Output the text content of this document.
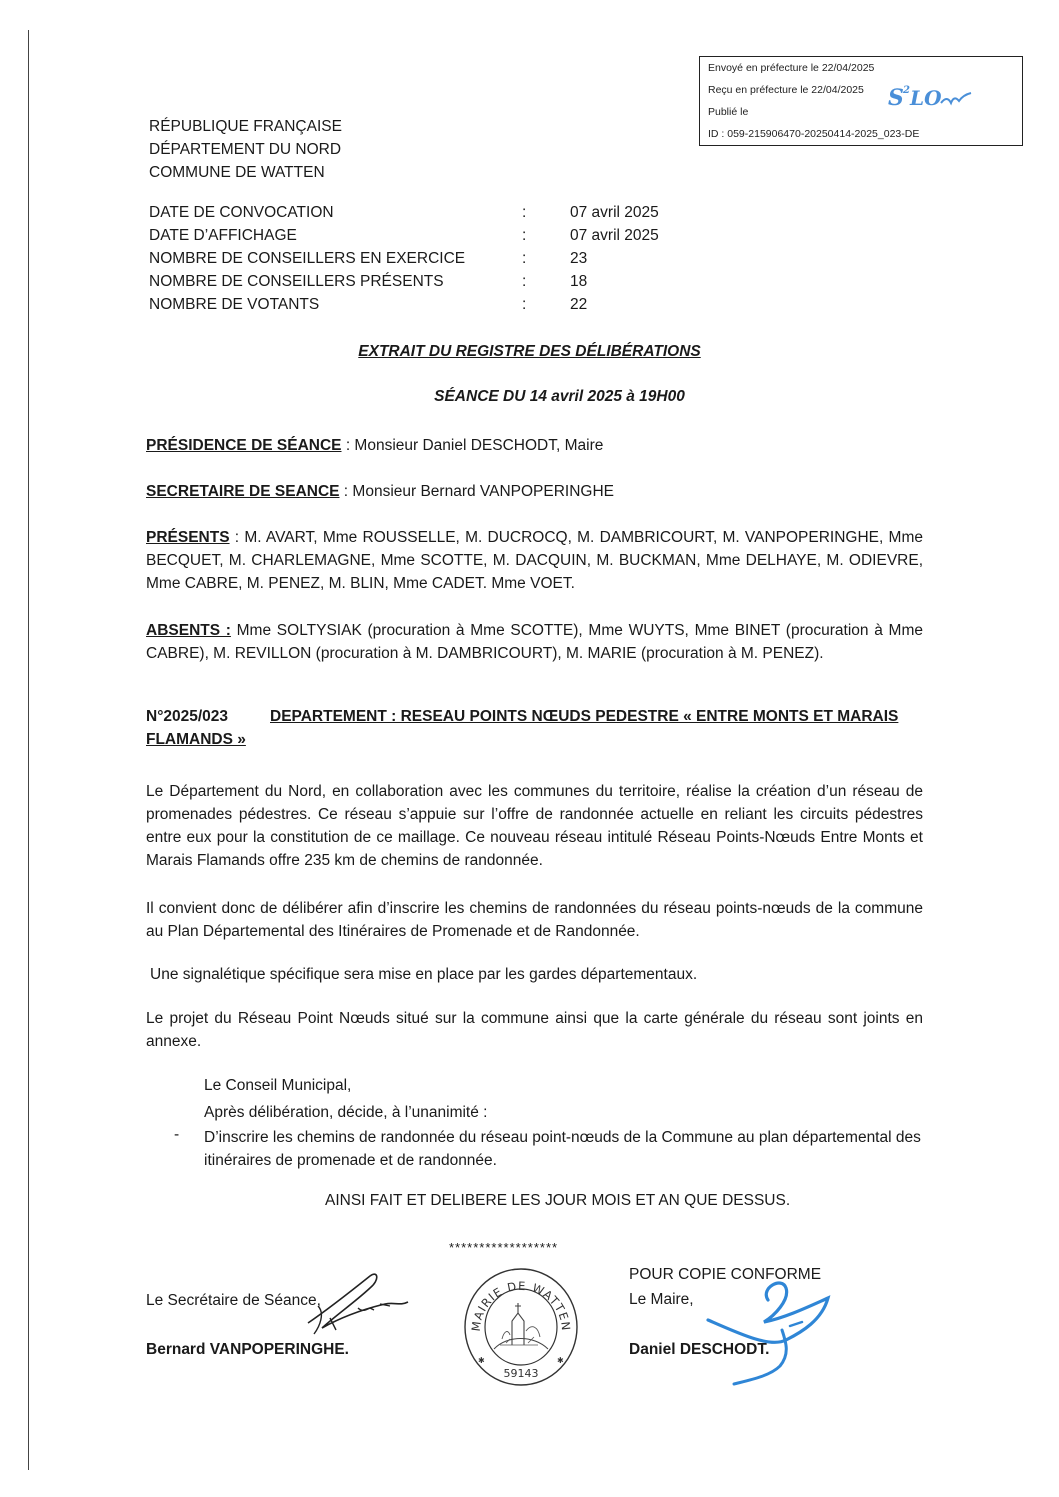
Envoyé en préfecture le 22/04/2025
Reçu en préfecture le 22/04/2025
Publié le
ID : 059-215906470-20250414-2025_023-DE
S 2 LO
RÉPUBLIQUE FRANÇAISE
DÉPARTEMENT DU NORD
COMMUNE DE WATTEN
DATE DE CONVOCATION	:	07 avril 2025
DATE D’AFFICHAGE	:	07 avril 2025
NOMBRE DE CONSEILLERS EN EXERCICE	:	23
NOMBRE DE CONSEILLERS PRÉSENTS	:	18
NOMBRE DE VOTANTS	:	22
EXTRAIT DU REGISTRE DES DÉLIBÉRATIONS
SÉANCE DU 14 avril 2025 à 19H00
PRÉSIDENCE DE SÉANCE : Monsieur Daniel DESCHODT, Maire
SECRETAIRE DE SEANCE : Monsieur Bernard VANPOPERINGHE
PRÉSENTS : M. AVART, Mme ROUSSELLE, M. DUCROCQ, M. DAMBRICOURT, M. VANPOPERINGHE, Mme BECQUET, M. CHARLEMAGNE, Mme SCOTTE, M. DACQUIN, M. BUCKMAN, Mme DELHAYE, M. ODIEVRE, Mme CABRE, M. PENEZ, M. BLIN, Mme CADET. Mme VOET.
ABSENTS : Mme SOLTYSIAK (procuration à Mme SCOTTE), Mme WUYTS, Mme BINET (procuration à Mme CABRE), M. REVILLON (procuration à M. DAMBRICOURT), M. MARIE (procuration à M. PENEZ).
N°2025/023	DEPARTEMENT : RESEAU POINTS NŒUDS PEDESTRE « ENTRE MONTS ET MARAIS FLAMANDS »
Le Département du Nord, en collaboration avec les communes du territoire, réalise la création d’un réseau de promenades pédestres. Ce réseau s’appuie sur l’offre de randonnée actuelle en reliant les circuits pédestres entre eux pour la constitution de ce maillage. Ce nouveau réseau intitulé Réseau Points-Nœuds Entre Monts et Marais Flamands offre 235 km de chemins de randonnée.
Il convient donc de délibérer afin d’inscrire les chemins de randonnées du réseau points-nœuds de la commune au Plan Départemental des Itinéraires de Promenade et de Randonnée.
Une signalétique spécifique sera mise en place par les gardes départementaux.
Le projet du Réseau Point Nœuds situé sur la commune ainsi que la carte générale du réseau sont joints en annexe.
Le Conseil Municipal,
Après délibération, décide, à l’unanimité :
- D’inscrire les chemins de randonnée du réseau point-nœuds de la Commune au plan départemental des itinéraires de promenade et de randonnée.
AINSI FAIT ET DELIBERE LES JOUR MOIS ET AN QUE DESSUS.
******************
Le Secrétaire de Séance,
Bernard VANPOPERINGHE.
POUR COPIE CONFORME
Le Maire,
Daniel DESCHODT.
MAIRIE DE WATTEN
59143
✱	✱
